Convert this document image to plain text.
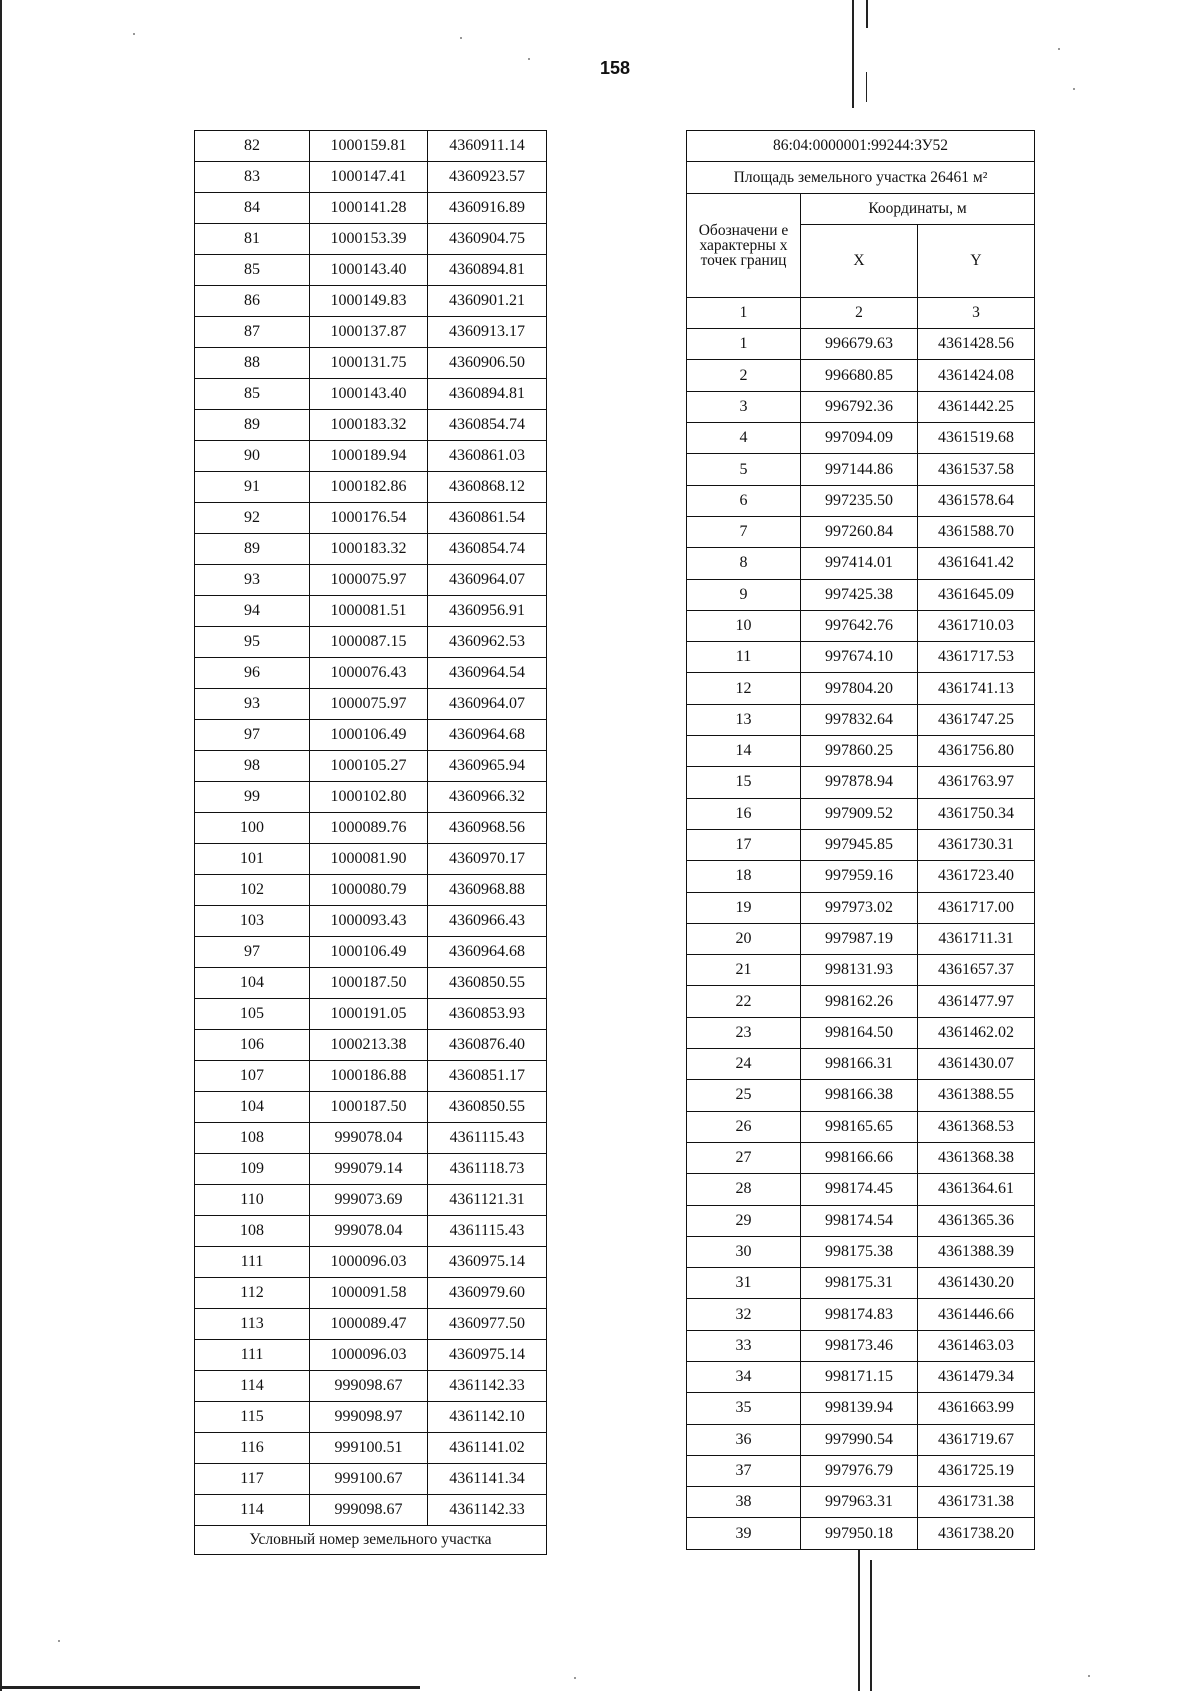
158
82	1000159.81	4360911.14
83	1000147.41	4360923.57
84	1000141.28	4360916.89
81	1000153.39	4360904.75
85	1000143.40	4360894.81
86	1000149.83	4360901.21
87	1000137.87	4360913.17
88	1000131.75	4360906.50
85	1000143.40	4360894.81
89	1000183.32	4360854.74
90	1000189.94	4360861.03
91	1000182.86	4360868.12
92	1000176.54	4360861.54
89	1000183.32	4360854.74
93	1000075.97	4360964.07
94	1000081.51	4360956.91
95	1000087.15	4360962.53
96	1000076.43	4360964.54
93	1000075.97	4360964.07
97	1000106.49	4360964.68
98	1000105.27	4360965.94
99	1000102.80	4360966.32
100	1000089.76	4360968.56
101	1000081.90	4360970.17
102	1000080.79	4360968.88
103	1000093.43	4360966.43
97	1000106.49	4360964.68
104	1000187.50	4360850.55
105	1000191.05	4360853.93
106	1000213.38	4360876.40
107	1000186.88	4360851.17
104	1000187.50	4360850.55
108	999078.04	4361115.43
109	999079.14	4361118.73
110	999073.69	4361121.31
108	999078.04	4361115.43
111	1000096.03	4360975.14
112	1000091.58	4360979.60
113	1000089.47	4360977.50
111	1000096.03	4360975.14
114	999098.67	4361142.33
115	999098.97	4361142.10
116	999100.51	4361141.02
117	999100.67	4361141.34
114	999098.67	4361142.33
Условный номер земельного участка		
86:04:0000001:99244:ЗУ52		
Площадь земельного участка 26461 м²		
Обозначени е характерны х точек границ	Координаты, м	
	X	Y
1	2	3
1	996679.63	4361428.56
2	996680.85	4361424.08
3	996792.36	4361442.25
4	997094.09	4361519.68
5	997144.86	4361537.58
6	997235.50	4361578.64
7	997260.84	4361588.70
8	997414.01	4361641.42
9	997425.38	4361645.09
10	997642.76	4361710.03
11	997674.10	4361717.53
12	997804.20	4361741.13
13	997832.64	4361747.25
14	997860.25	4361756.80
15	997878.94	4361763.97
16	997909.52	4361750.34
17	997945.85	4361730.31
18	997959.16	4361723.40
19	997973.02	4361717.00
20	997987.19	4361711.31
21	998131.93	4361657.37
22	998162.26	4361477.97
23	998164.50	4361462.02
24	998166.31	4361430.07
25	998166.38	4361388.55
26	998165.65	4361368.53
27	998166.66	4361368.38
28	998174.45	4361364.61
29	998174.54	4361365.36
30	998175.38	4361388.39
31	998175.31	4361430.20
32	998174.83	4361446.66
33	998173.46	4361463.03
34	998171.15	4361479.34
35	998139.94	4361663.99
36	997990.54	4361719.67
37	997976.79	4361725.19
38	997963.31	4361731.38
39	997950.18	4361738.20
